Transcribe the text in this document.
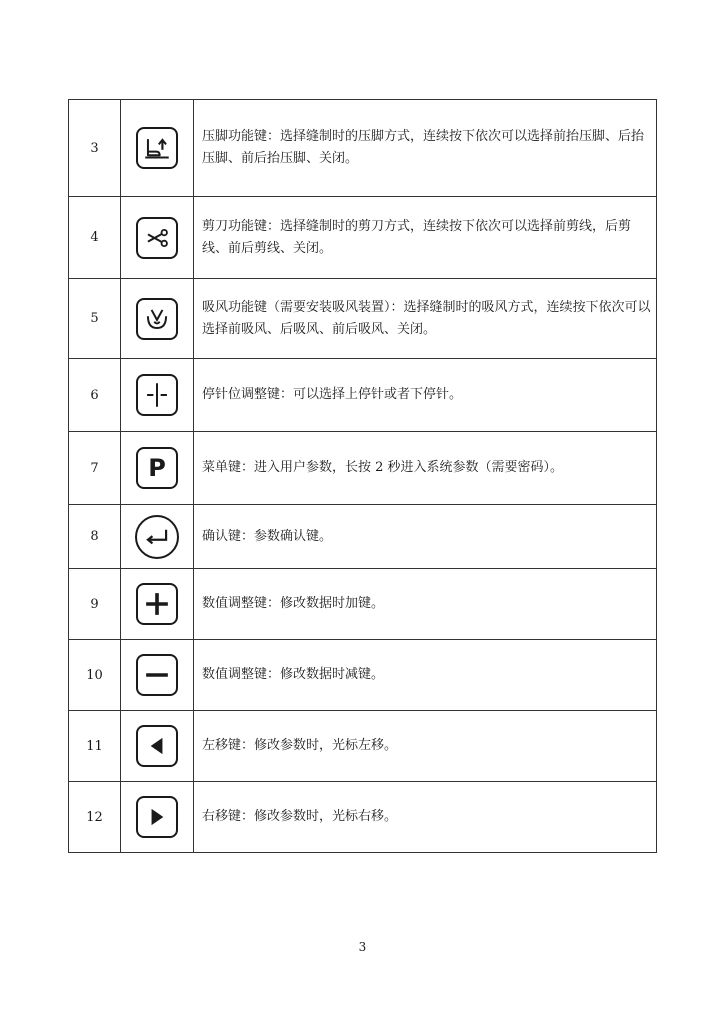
3		压脚功能键：选择缝制时的压脚方式，连续按下依次可以选择前抬压脚、后抬压脚、前后抬压脚、关闭。
4		剪刀功能键：选择缝制时的剪刀方式，连续按下依次可以选择前剪线，后剪线、前后剪线、关闭。
5		吸风功能键（需要安装吸风装置）：选择缝制时的吸风方式，连续按下依次可以选择前吸风、后吸风、前后吸风、关闭。
6		停针位调整键：可以选择上停针或者下停针。
7	P	菜单键：进入用户参数，长按 2 秒进入系统参数（需要密码）。
8		确认键：参数确认键。
9		数值调整键：修改数据时加键。
10		数值调整键：修改数据时减键。
11		左移键：修改参数时，光标左移。
12		右移键：修改参数时，光标右移。
3
